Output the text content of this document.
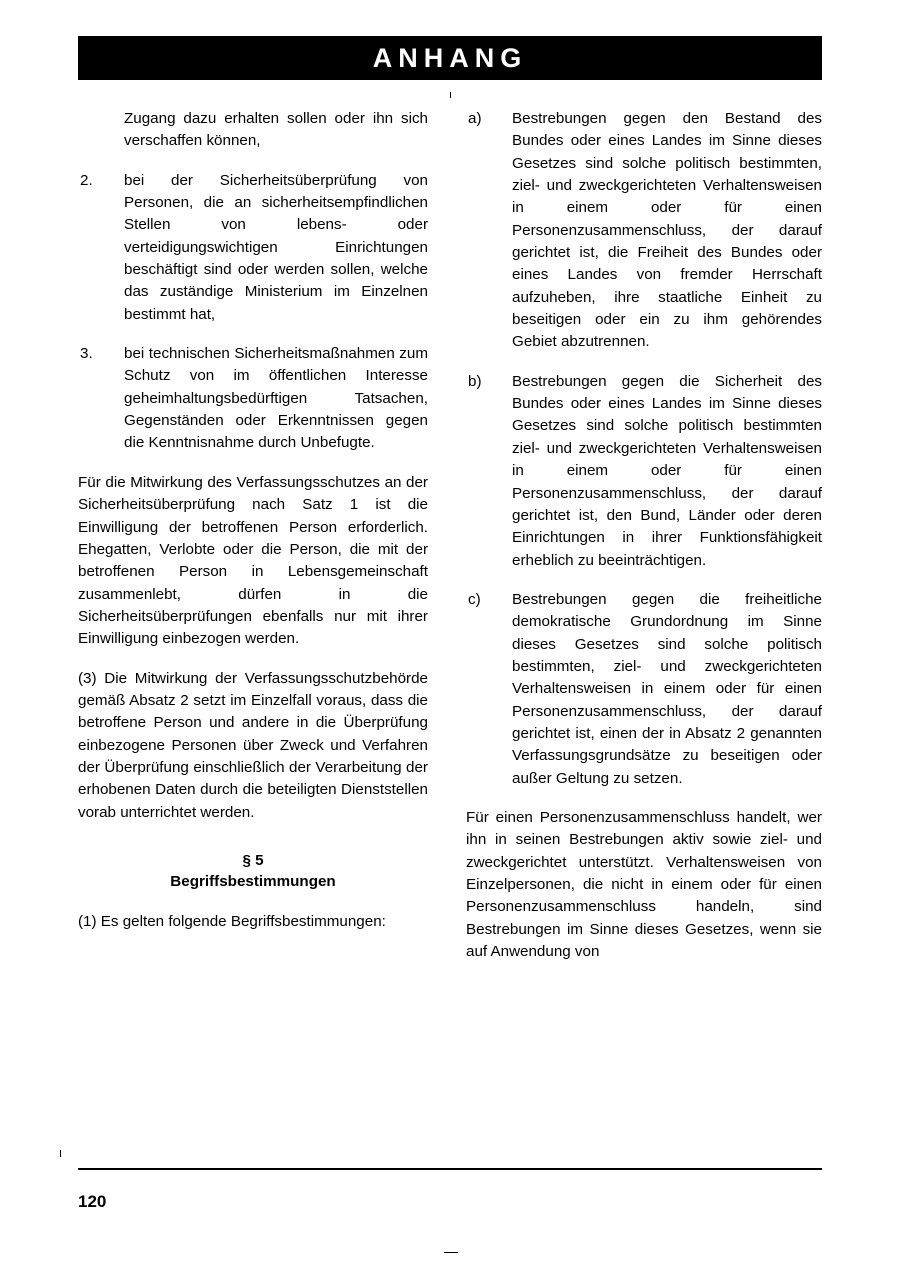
ANHANG
Zugang dazu erhalten sollen oder ihn sich verschaffen können,
2.	bei der Sicherheitsüberprüfung von Personen, die an sicherheitsempfindlichen Stellen von lebens- oder verteidigungswichtigen Einrichtungen beschäftigt sind oder werden sollen, welche das zuständige Ministerium im Einzelnen bestimmt hat,
3.	bei technischen Sicherheitsmaßnahmen zum Schutz von im öffentlichen Interesse geheimhaltungsbedürftigen Tatsachen, Gegenständen oder Erkenntnissen gegen die Kenntnisnahme durch Unbefugte.

Für die Mitwirkung des Verfassungsschutzes an der Sicherheitsüberprüfung nach Satz 1 ist die Einwilligung der betroffenen Person erforderlich. Ehegatten, Verlobte oder die Person, die mit der betroffenen Person in Lebensgemeinschaft zusammenlebt, dürfen in die Sicherheitsüberprüfungen ebenfalls nur mit ihrer Einwilligung einbezogen werden.

(3) Die Mitwirkung der Verfassungsschutzbehörde gemäß Absatz 2 setzt im Einzelfall voraus, dass die betroffene Person und andere in die Überprüfung einbezogene Personen über Zweck und Verfahren der Überprüfung einschließlich der Verarbeitung der erhobenen Daten durch die beteiligten Dienststellen vorab unterrichtet werden.

§ 5
Begriffsbestimmungen

(1) Es gelten folgende Begriffsbestimmungen:

a)	Bestrebungen gegen den Bestand des Bundes oder eines Landes im Sinne dieses Gesetzes sind solche politisch bestimmten, ziel- und zweckgerichteten Verhaltensweisen in einem oder für einen Personenzusammenschluss, der darauf gerichtet ist, die Freiheit des Bundes oder eines Landes von fremder Herrschaft aufzuheben, ihre staatliche Einheit zu beseitigen oder ein zu ihm gehörendes Gebiet abzutrennen.
b)	Bestrebungen gegen die Sicherheit des Bundes oder eines Landes im Sinne dieses Gesetzes sind solche politisch bestimmten ziel- und zweckgerichteten Verhaltensweisen in einem oder für einen Personenzusammenschluss, der darauf gerichtet ist, den Bund, Länder oder deren Einrichtungen in ihrer Funktionsfähigkeit erheblich zu beeinträchtigen.
c)	Bestrebungen gegen die freiheitliche demokratische Grundordnung im Sinne dieses Gesetzes sind solche politisch bestimmten, ziel- und zweckgerichteten Verhaltensweisen in einem oder für einen Personenzusammenschluss, der darauf gerichtet ist, einen der in Absatz 2 genannten Verfassungsgrundsätze zu beseitigen oder außer Geltung zu setzen.

Für einen Personenzusammenschluss handelt, wer ihn in seinen Bestrebungen aktiv sowie ziel- und zweckgerichtet unterstützt. Verhaltensweisen von Einzelpersonen, die nicht in einem oder für einen Personenzusammenschluss handeln, sind Bestrebungen im Sinne dieses Gesetzes, wenn sie auf Anwendung von

120
